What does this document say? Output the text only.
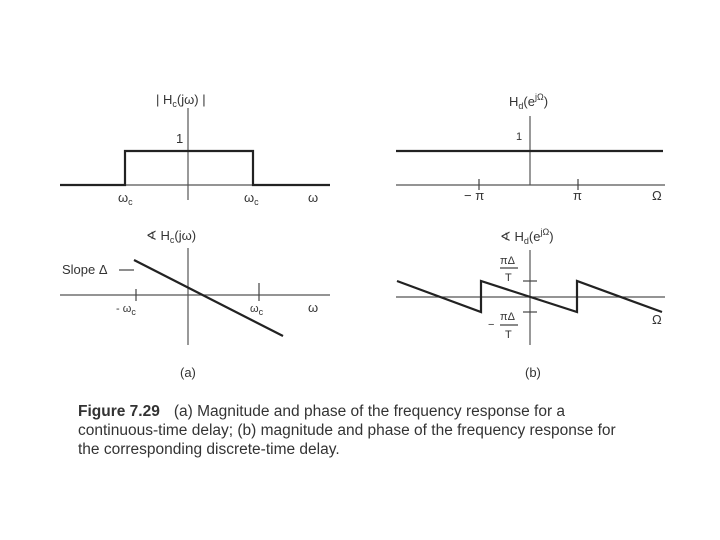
| $H_c(j\omega)$ |
1
$\omega_c$	$\omega_c$	ω
∢ $H_c(j\omega)$
Slope Δ
- $\omega_c$	$\omega_c$	ω
(a)
$H_d(e^{j\Omega})$
1
− π	π	Ω
∢ $H_d(e^{j\Omega})$
πΔ
T
−
πΔ
T
Ω
(b)
Figure 7.29 (a) Magnitude and phase of the frequency response for a continuous-time delay; (b) magnitude and phase of the frequency response for the corresponding discrete-time delay.
